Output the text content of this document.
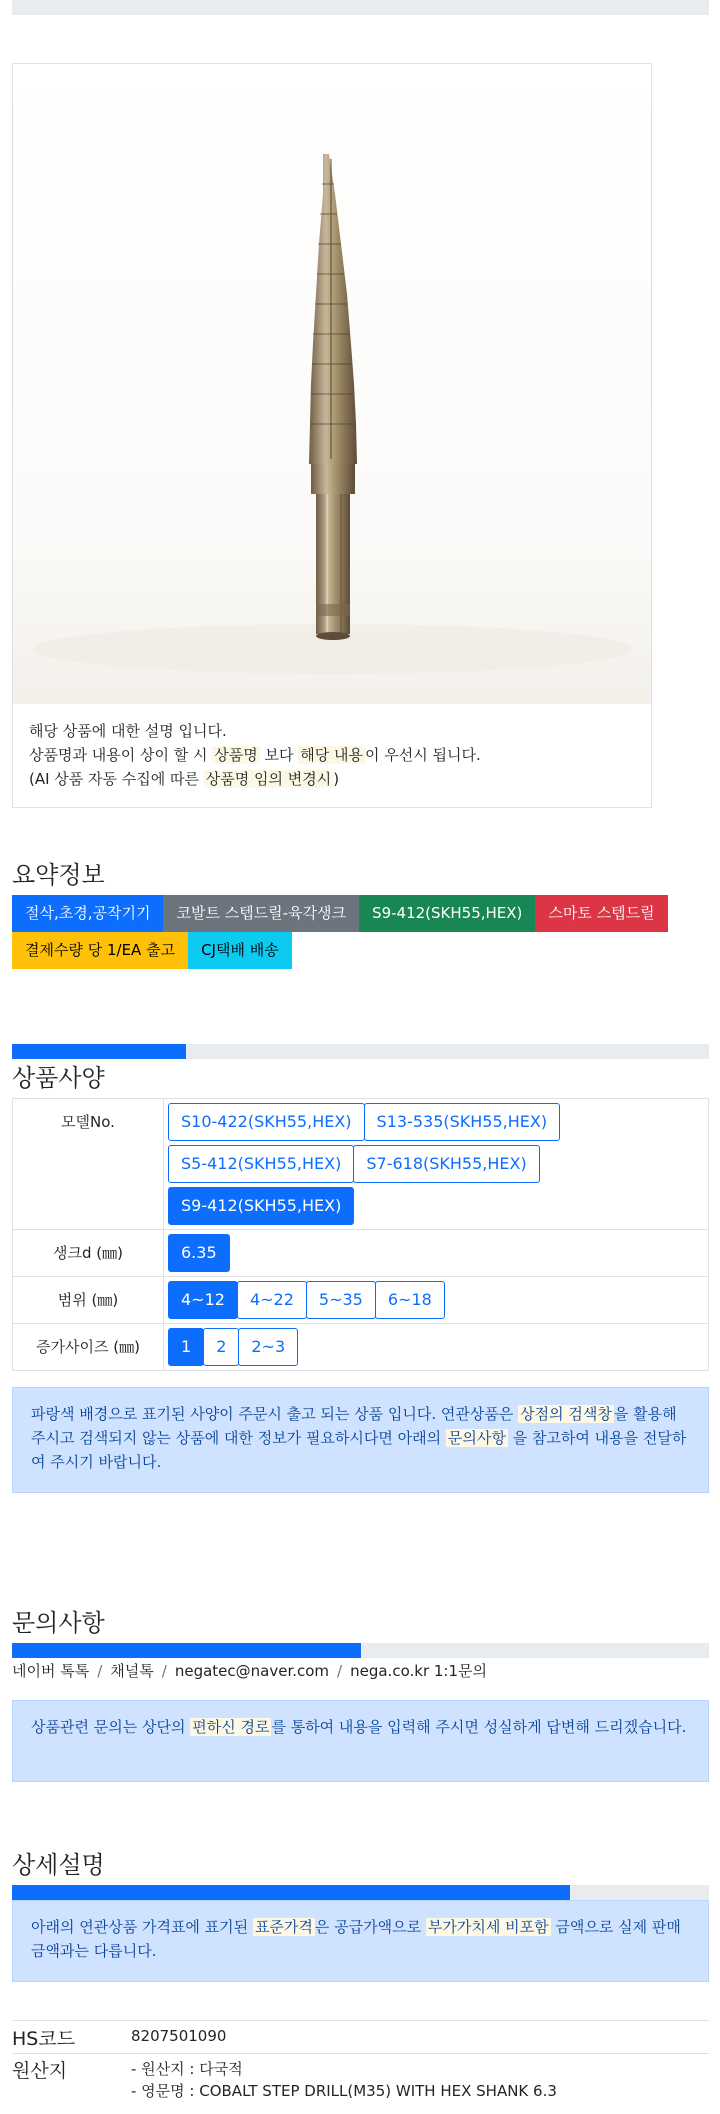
해당 상품에 대한 설명 입니다.
상품명과 내용이 상이 할 시 상품명 보다 해당 내용 이 우선시 됩니다.
(AI 상품 자동 수집에 따른 상품명 임의 변경시 )
요약정보
절삭,초경,공작기기 코발트 스텝드릴-육각생크 S9-412(SKH55,HEX) 스마토 스텝드릴
결제수량 당 1/EA 출고 CJ택배 배송
상품사양
모델No.	S10-422(SKH55,HEX) S13-535(SKH55,HEX)

S5-412(SKH55,HEX) S7-618(SKH55,HEX)

S9-412(SKH55,HEX)
생크d (㎜)	6.35
범위 (㎜)	4~12 4~22 5~35 6~18
증가사이즈 (㎜)	1 2 2~3
파랑색 배경으로 표기된 사양이 주문시 출고 되는 상품 입니다. 연관상품은 상점의 검색창 을 활용해 주시고 검색되지 않는 상품에 대한 정보가 필요하시다면 아래의 문의사항 을 참고하여 내용을 전달하여 주시기 바랍니다.
문의사항
네이버 톡톡 / 채널톡 / negatec@naver.com / nega.co.kr 1:1문의
상품관련 문의는 상단의 편하신 경로 를 통하여 내용을 입력해 주시면 성실하게 답변해 드리겠습니다.
상세설명
아래의 연관상품 가격표에 표기된 표준가격 은 공급가액으로 부가가치세 비포함 금액으로 실제 판매금액과는 다릅니다.
HS코드	8207501090
원산지	- 원산지 : 다국적
- 영문명 : COBALT STEP DRILL(M35) WITH HEX SHANK 6.3
